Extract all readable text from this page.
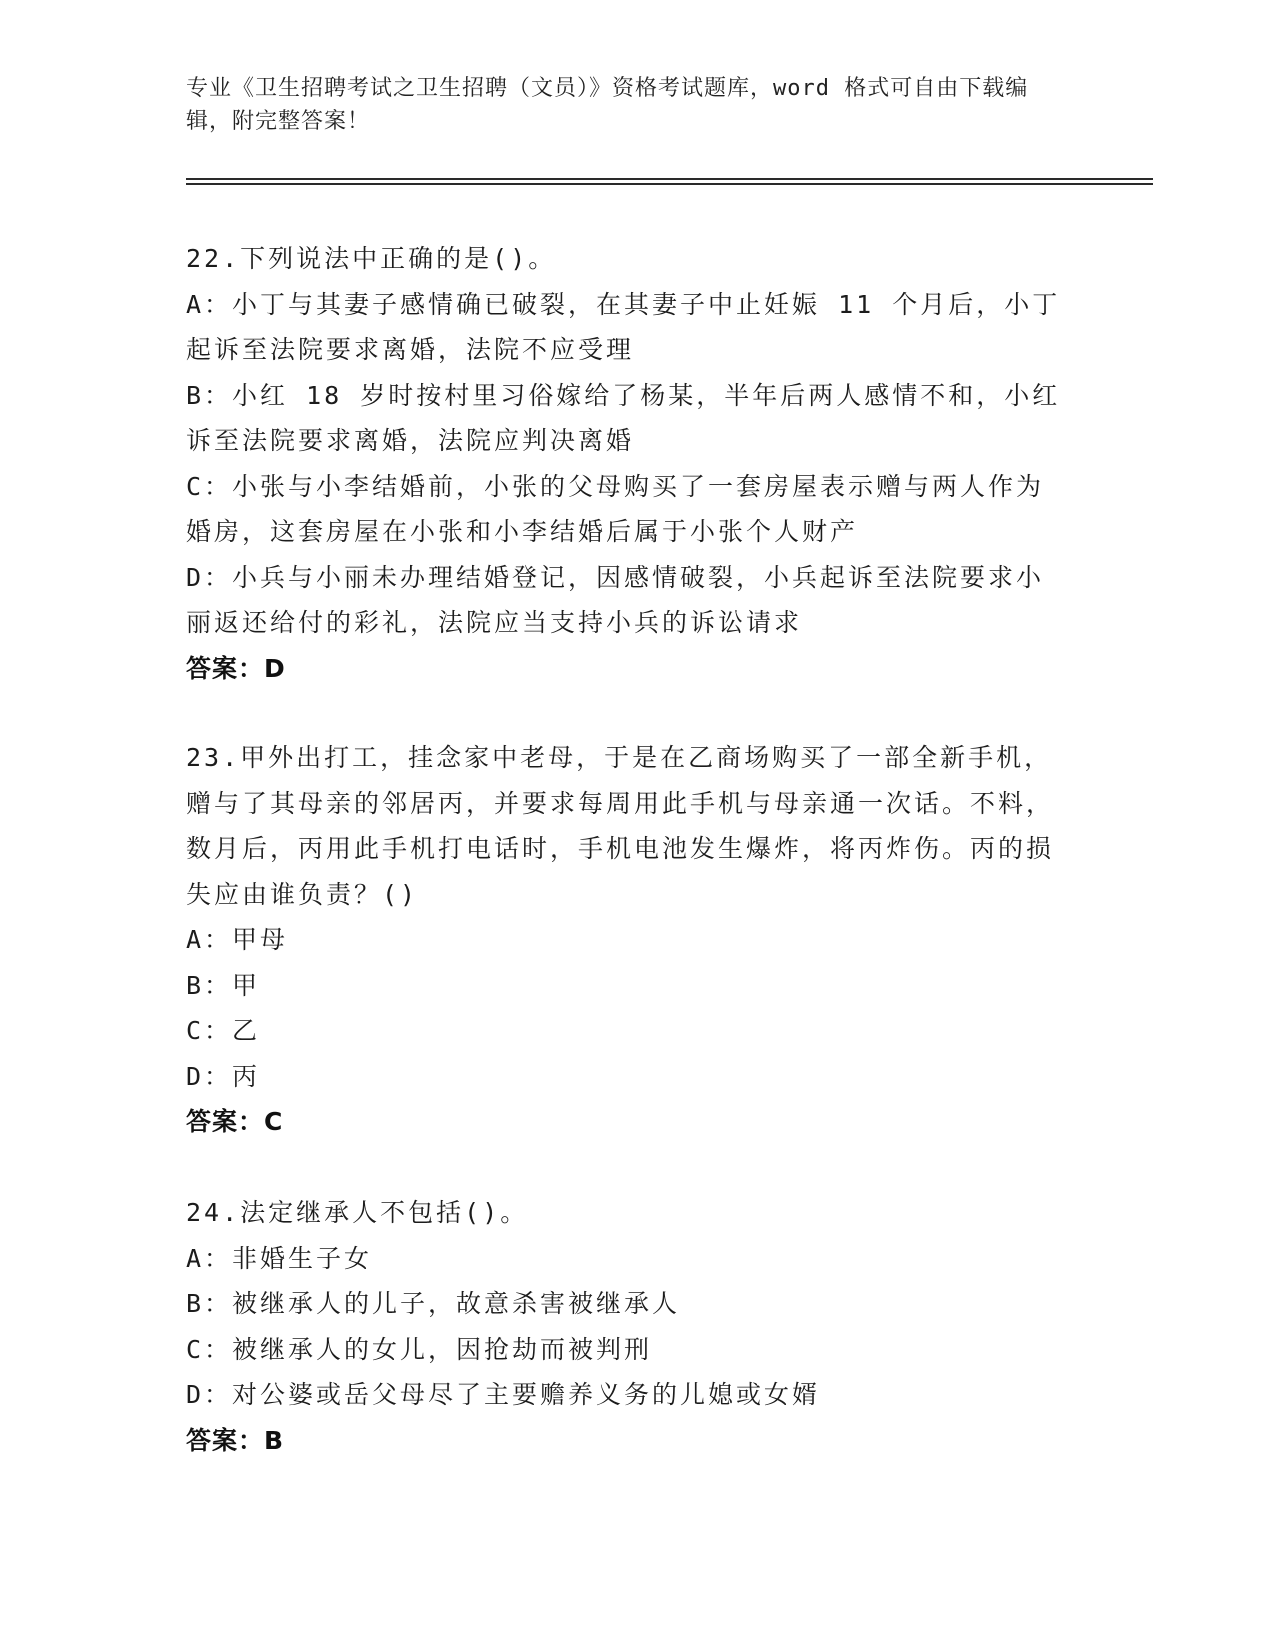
专业《卫生招聘考试之卫生招聘（文员）》资格考试题库，word 格式可自由下载编辑，附完整答案！
22.下列说法中正确的是()。
A：小丁与其妻子感情确已破裂，在其妻子中止妊娠 11 个月后，小丁起诉至法院要求离婚，法院不应受理
B：小红 18 岁时按村里习俗嫁给了杨某，半年后两人感情不和，小红诉至法院要求离婚，法院应判决离婚
C：小张与小李结婚前，小张的父母购买了一套房屋表示赠与两人作为婚房，这套房屋在小张和小李结婚后属于小张个人财产
D：小兵与小丽未办理结婚登记，因感情破裂，小兵起诉至法院要求小丽返还给付的彩礼，法院应当支持小兵的诉讼请求
答案：D
23.甲外出打工，挂念家中老母，于是在乙商场购买了一部全新手机，赠与了其母亲的邻居丙，并要求每周用此手机与母亲通一次话。不料，数月后，丙用此手机打电话时，手机电池发生爆炸，将丙炸伤。丙的损失应由谁负责？()
A：甲母
B：甲
C：乙
D：丙
答案：C
24.法定继承人不包括()。
A：非婚生子女
B：被继承人的儿子，故意杀害被继承人
C：被继承人的女儿，因抢劫而被判刑
D：对公婆或岳父母尽了主要赡养义务的儿媳或女婿
答案：B
